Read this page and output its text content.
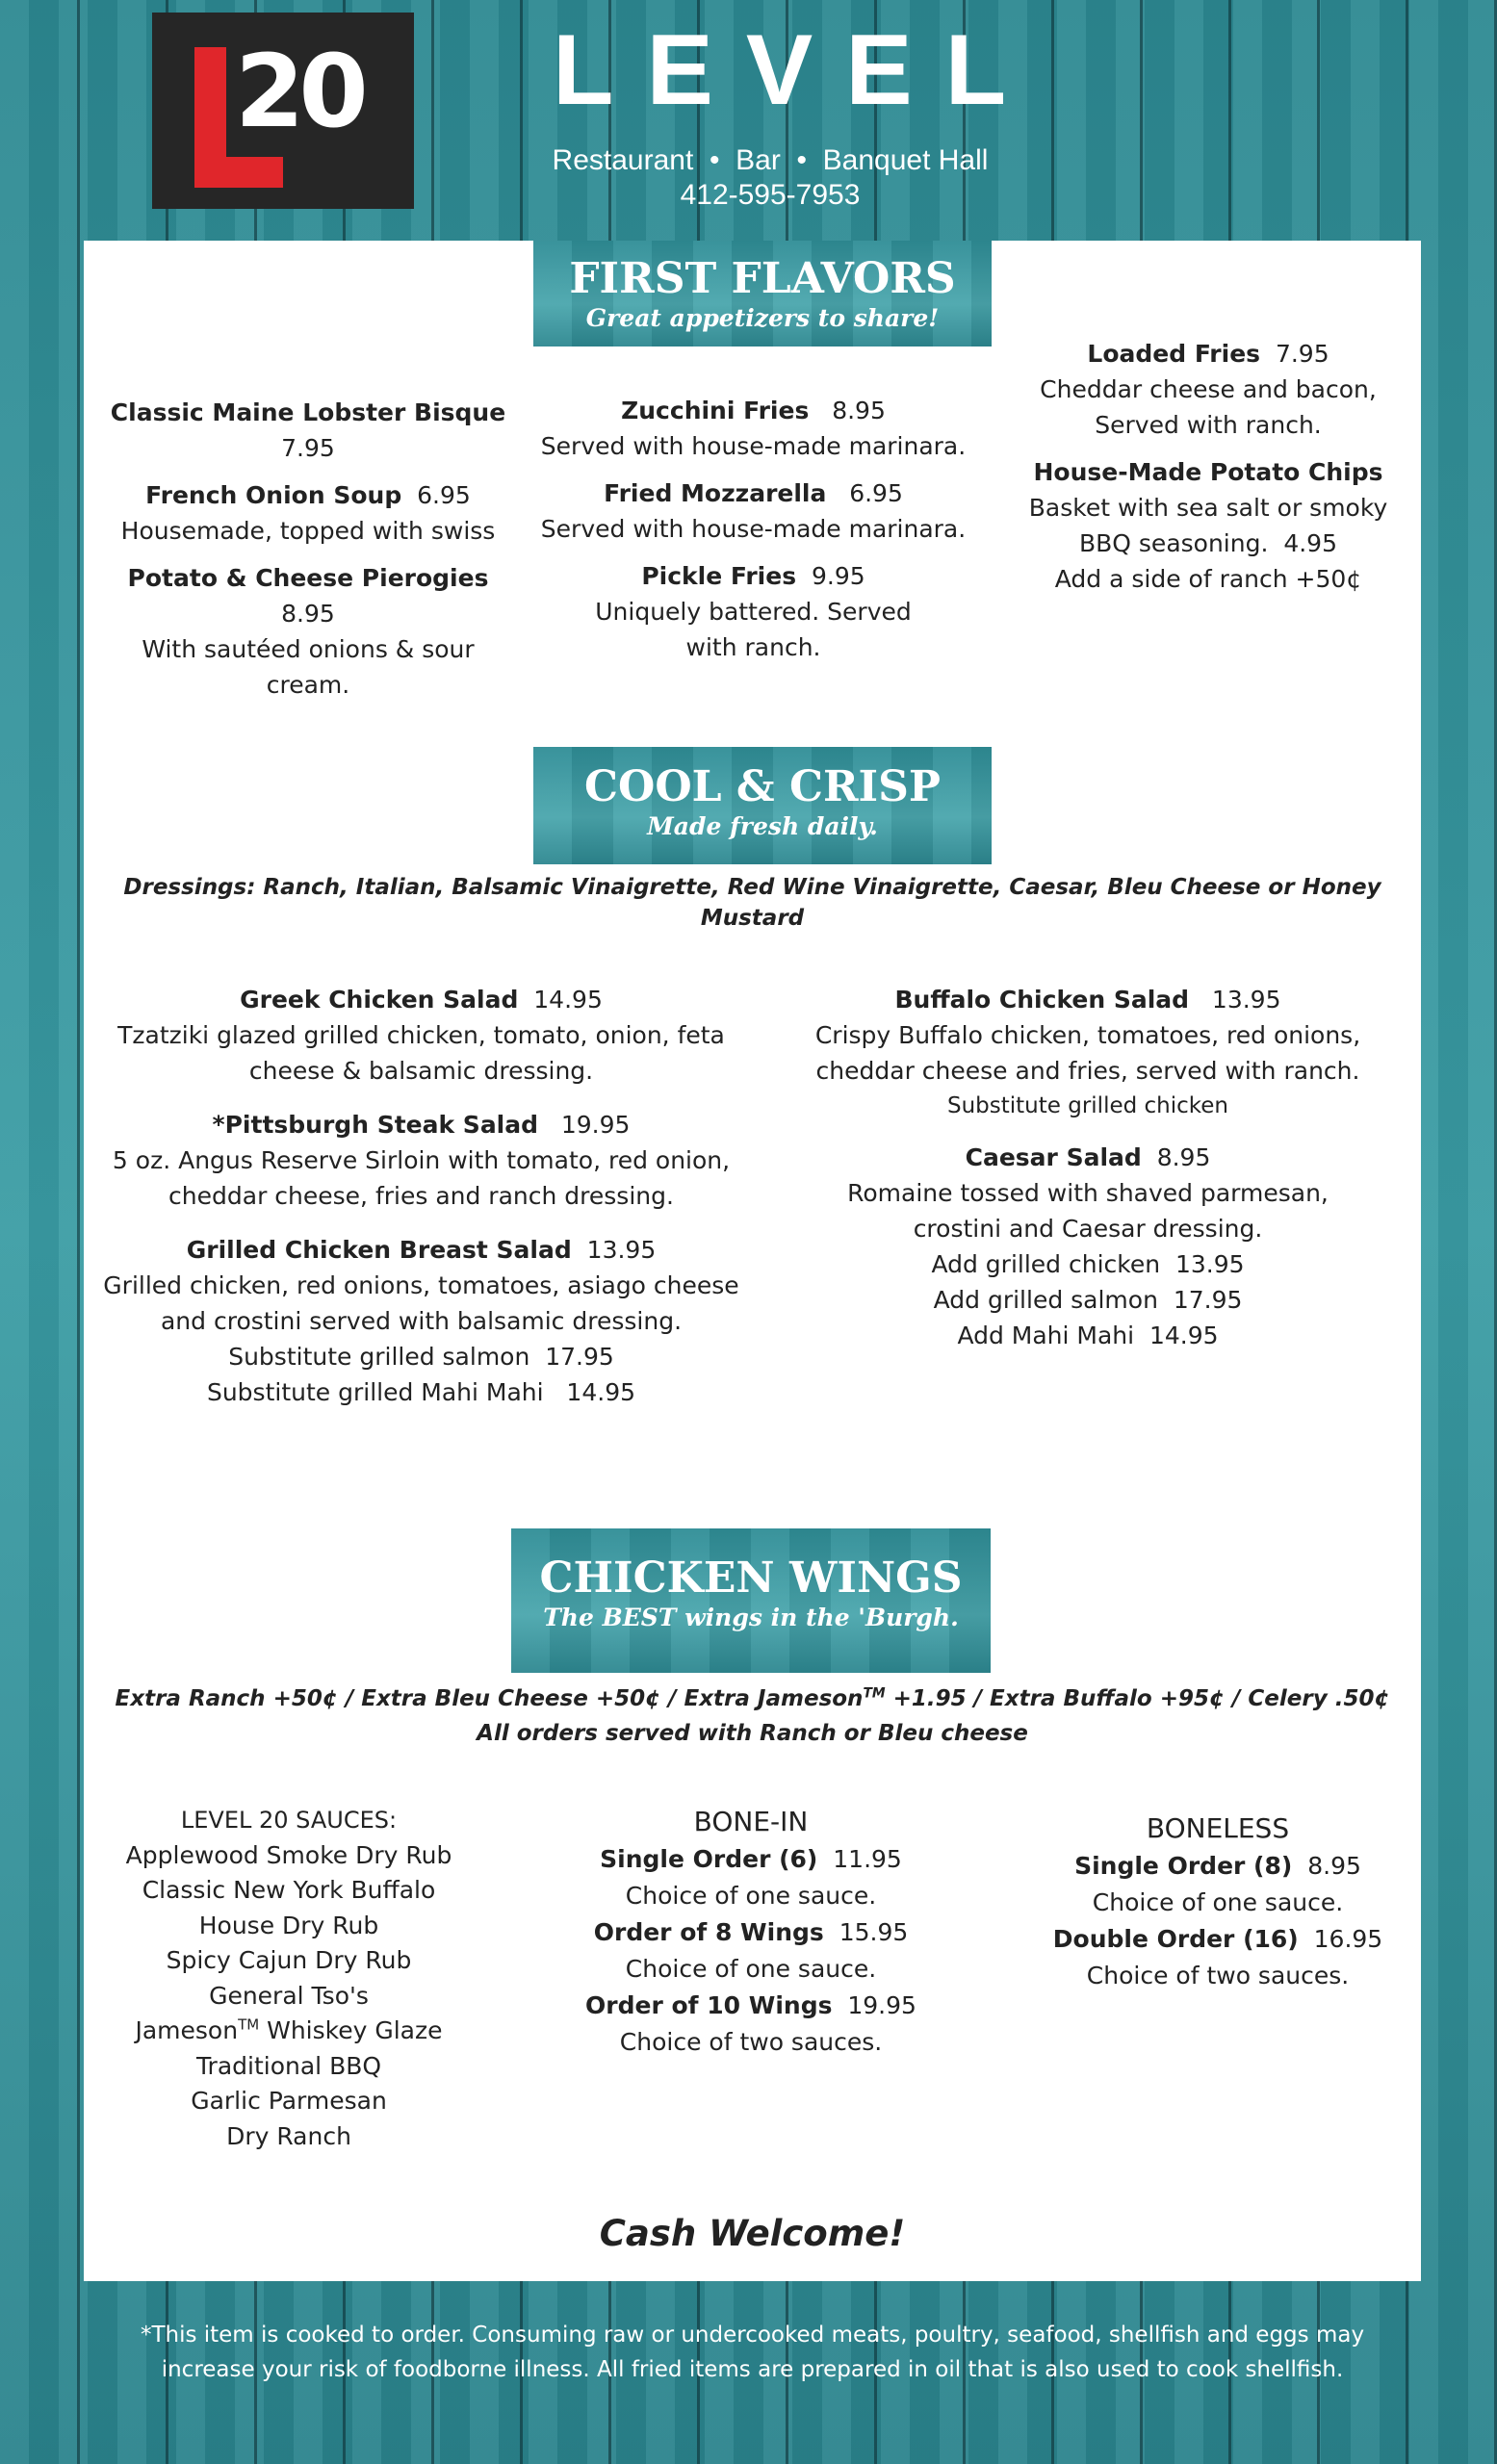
20	LEVEL
Restaurant  •  Bar  •  Banquet Hall
412-595-7953
FIRST FLAVORS
Great appetizers to share!
Classic Maine Lobster Bisque
7.95
French Onion Soup 6.95
Housemade, topped with swiss
Potato & Cheese Pierogies 8.95
With sautéed onions & sour cream.
Zucchini Fries 8.95
Served with house-made marinara.
Fried Mozzarella 6.95
Served with house-made marinara.
Pickle Fries 9.95
Uniquely battered. Served with ranch.
Loaded Fries 7.95
Cheddar cheese and bacon, Served with ranch.
House-Made Potato Chips
Basket with sea salt or smoky BBQ seasoning. 4.95
Add a side of ranch +50¢
COOL & CRISP
Made fresh daily.
Dressings: Ranch, Italian, Balsamic Vinaigrette, Red Wine Vinaigrette, Caesar, Bleu Cheese or Honey Mustard
Greek Chicken Salad 14.95
Tzatziki glazed grilled chicken, tomato, onion, feta cheese & balsamic dressing.
*Pittsburgh Steak Salad 19.95
5 oz. Angus Reserve Sirloin with tomato, red onion, cheddar cheese, fries and ranch dressing.
Grilled Chicken Breast Salad 13.95
Grilled chicken, red onions, tomatoes, asiago cheese and crostini served with balsamic dressing.
Substitute grilled salmon  17.95
Substitute grilled Mahi Mahi   14.95
Buffalo Chicken Salad 13.95
Crispy Buffalo chicken, tomatoes, red onions, cheddar cheese and fries, served with ranch.
Substitute grilled chicken
Caesar Salad 8.95
Romaine tossed with shaved parmesan, crostini and Caesar dressing.
Add grilled chicken  13.95
Add grilled salmon  17.95
Add Mahi Mahi  14.95
CHICKEN WINGS
The BEST wings in the 'Burgh.
Extra Ranch +50¢ / Extra Bleu Cheese +50¢ / Extra Jameson™ +1.95 / Extra Buffalo +95¢ / Celery .50¢
All orders served with Ranch or Bleu cheese
LEVEL 20 SAUCES:
Applewood Smoke Dry Rub
Classic New York Buffalo
House Dry Rub
Spicy Cajun Dry Rub
General Tso's
Jameson™ Whiskey Glaze
Traditional BBQ
Garlic Parmesan
Dry Ranch
BONE-IN
Single Order (6) 11.95
Choice of one sauce.
Order of 8 Wings 15.95
Choice of one sauce.
Order of 10 Wings 19.95
Choice of two sauces.
BONELESS
Single Order (8) 8.95
Choice of one sauce.
Double Order (16) 16.95
Choice of two sauces.
Cash Welcome!
*This item is cooked to order. Consuming raw or undercooked meats, poultry, seafood, shellfish and eggs may increase your risk of foodborne illness. All fried items are prepared in oil that is also used to cook shellfish.
